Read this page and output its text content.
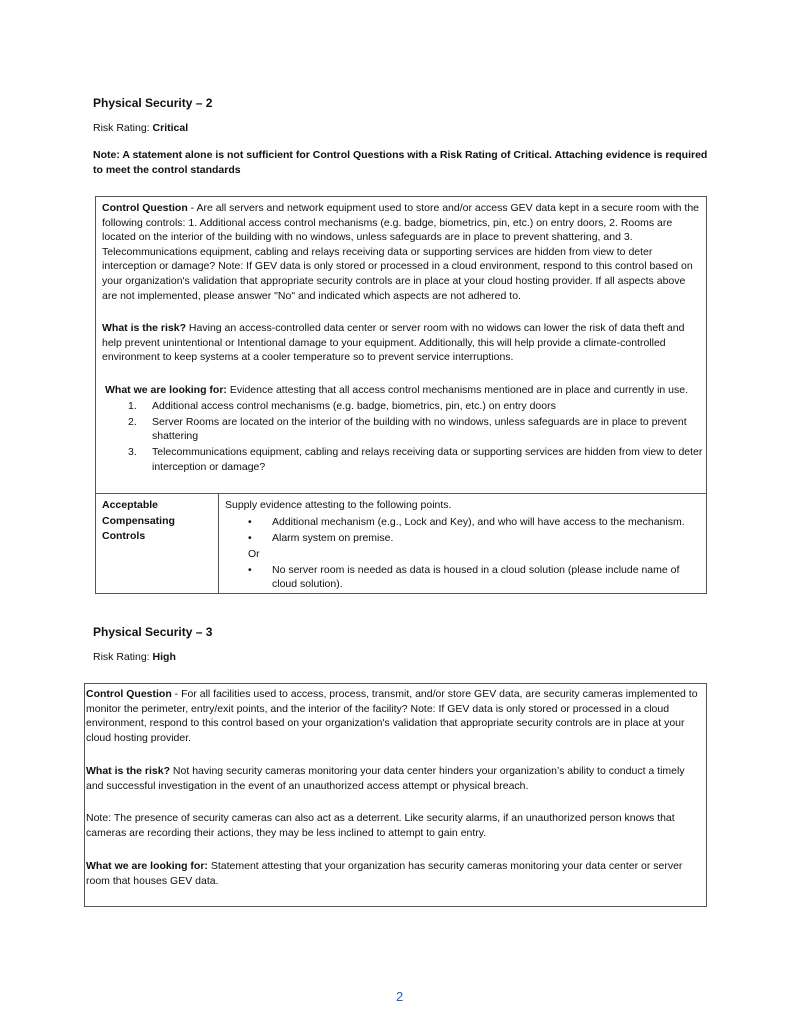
Physical Security – 2
Risk Rating: Critical
Note: A statement alone is not sufficient for Control Questions with a Risk Rating of Critical. Attaching evidence is required to meet the control standards

Control Question - Are all servers and network equipment used to store and/or access GEV data kept in a secure room with the following controls: 1. Additional access control mechanisms (e.g. badge, biometrics, pin, etc.) on entry doors, 2. Rooms are located on the interior of the building with no windows, unless safeguards are in place to prevent shattering, and 3. Telecommunications equipment, cabling and relays receiving data or supporting services are hidden from view to deter interception or damage? Note: If GEV data is only stored or processed in a cloud environment, respond to this control based on your organization's validation that appropriate security controls are in place at your cloud hosting provider. If all aspects above are not implemented, please answer "No" and indicated which aspects are not adhered to.

What is the risk? Having an access-controlled data center or server room with no widows can lower the risk of data theft and help prevent unintentional or Intentional damage to your equipment. Additionally, this will help provide a climate-controlled environment to keep systems at a cooler temperature so to prevent service interruptions.

What we are looking for: Evidence attesting that all access control mechanisms mentioned are in place and currently in use.

1. Additional access control mechanisms (e.g. badge, biometrics, pin, etc.) on entry doors
2. Server Rooms are located on the interior of the building with no windows, unless safeguards are in place to prevent shattering
3. Telecommunications equipment, cabling and relays receiving data or supporting services are hidden from view to deter interception or damage?
Acceptable Compensating Controls

Supply evidence attesting to the following points.

• Additional mechanism (e.g., Lock and Key), and who will have access to the mechanism.
• Alarm system on premise.

Or

• No server room is needed as data is housed in a cloud solution (please include name of cloud solution).
Physical Security – 3
Risk Rating: High

Control Question - For all facilities used to access, process, transmit, and/or store GEV data, are security cameras implemented to monitor the perimeter, entry/exit points, and the interior of the facility? Note: If GEV data is only stored or processed in a cloud environment, respond to this control based on your organization's validation that appropriate security controls are in place at your cloud hosting provider.

What is the risk? Not having security cameras monitoring your data center hinders your organization’s ability to conduct a timely and successful investigation in the event of an unauthorized access attempt or physical breach.

Note: The presence of security cameras can also act as a deterrent. Like security alarms, if an unauthorized person knows that cameras are recording their actions, they may be less inclined to attempt to gain entry.

What we are looking for: Statement attesting that your organization has security cameras monitoring your data center or server room that houses GEV data.

2
